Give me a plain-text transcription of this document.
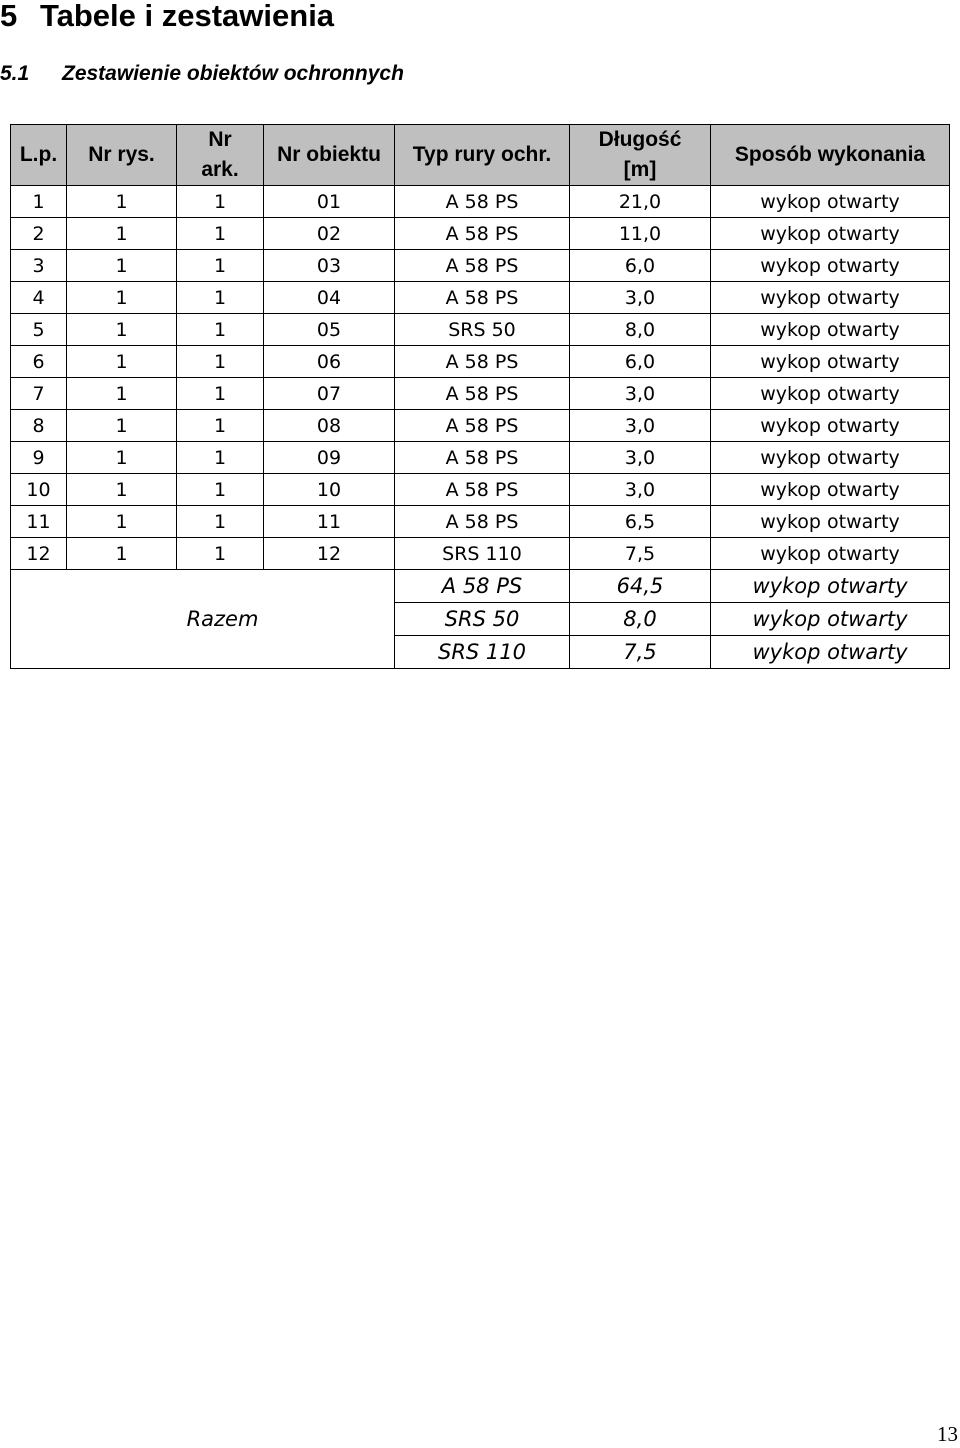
5 Tabele i zestawienia
5.1 Zestawienie obiektów ochronnych
L.p.	Nr rys.	Nr ark.	Nr obiektu	Typ rury ochr.	Długość [m]	Sposób wykonania
1	1	1	01	A 58 PS	21,0	wykop otwarty
2	1	1	02	A 58 PS	11,0	wykop otwarty
3	1	1	03	A 58 PS	6,0	wykop otwarty
4	1	1	04	A 58 PS	3,0	wykop otwarty
5	1	1	05	SRS 50	8,0	wykop otwarty
6	1	1	06	A 58 PS	6,0	wykop otwarty
7	1	1	07	A 58 PS	3,0	wykop otwarty
8	1	1	08	A 58 PS	3,0	wykop otwarty
9	1	1	09	A 58 PS	3,0	wykop otwarty
10	1	1	10	A 58 PS	3,0	wykop otwarty
11	1	1	11	A 58 PS	6,5	wykop otwarty
12	1	1	12	SRS 110	7,5	wykop otwarty
Razem				A 58 PS	64,5	wykop otwarty
				SRS 50	8,0	wykop otwarty
				SRS 110	7,5	wykop otwarty
13
